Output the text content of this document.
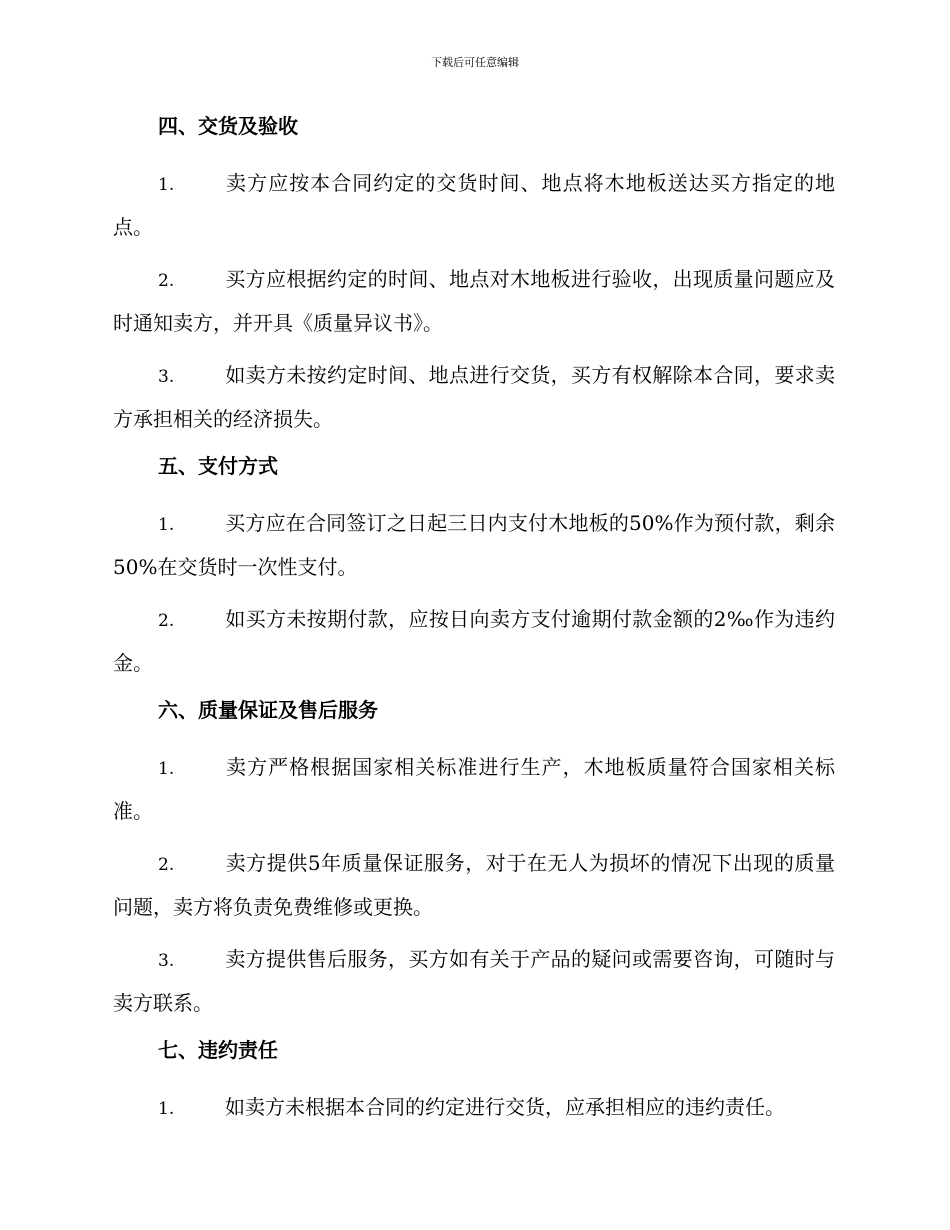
下载后可任意编辑
四、交货及验收

1.	卖方应按本合同约定的交货时间、地点将木地板送达买方指定的地点。

2.	买方应根据约定的时间、地点对木地板进行验收，出现质量问题应及时通知卖方，并开具《质量异议书》。

3.	如卖方未按约定时间、地点进行交货，买方有权解除本合同，要求卖方承担相关的经济损失。

五、支付方式

1.	买方应在合同签订之日起三日内支付木地板的50%作为预付款，剩余50%在交货时一次性支付。

2.	如买方未按期付款，应按日向卖方支付逾期付款金额的2‰作为违约金。

六、质量保证及售后服务

1.	卖方严格根据国家相关标准进行生产，木地板质量符合国家相关标准。

2.	卖方提供5年质量保证服务，对于在无人为损坏的情况下出现的质量问题，卖方将负责免费维修或更换。

3.	卖方提供售后服务，买方如有关于产品的疑问或需要咨询，可随时与卖方联系。

七、违约责任

1.	如卖方未根据本合同的约定进行交货，应承担相应的违约责任。
